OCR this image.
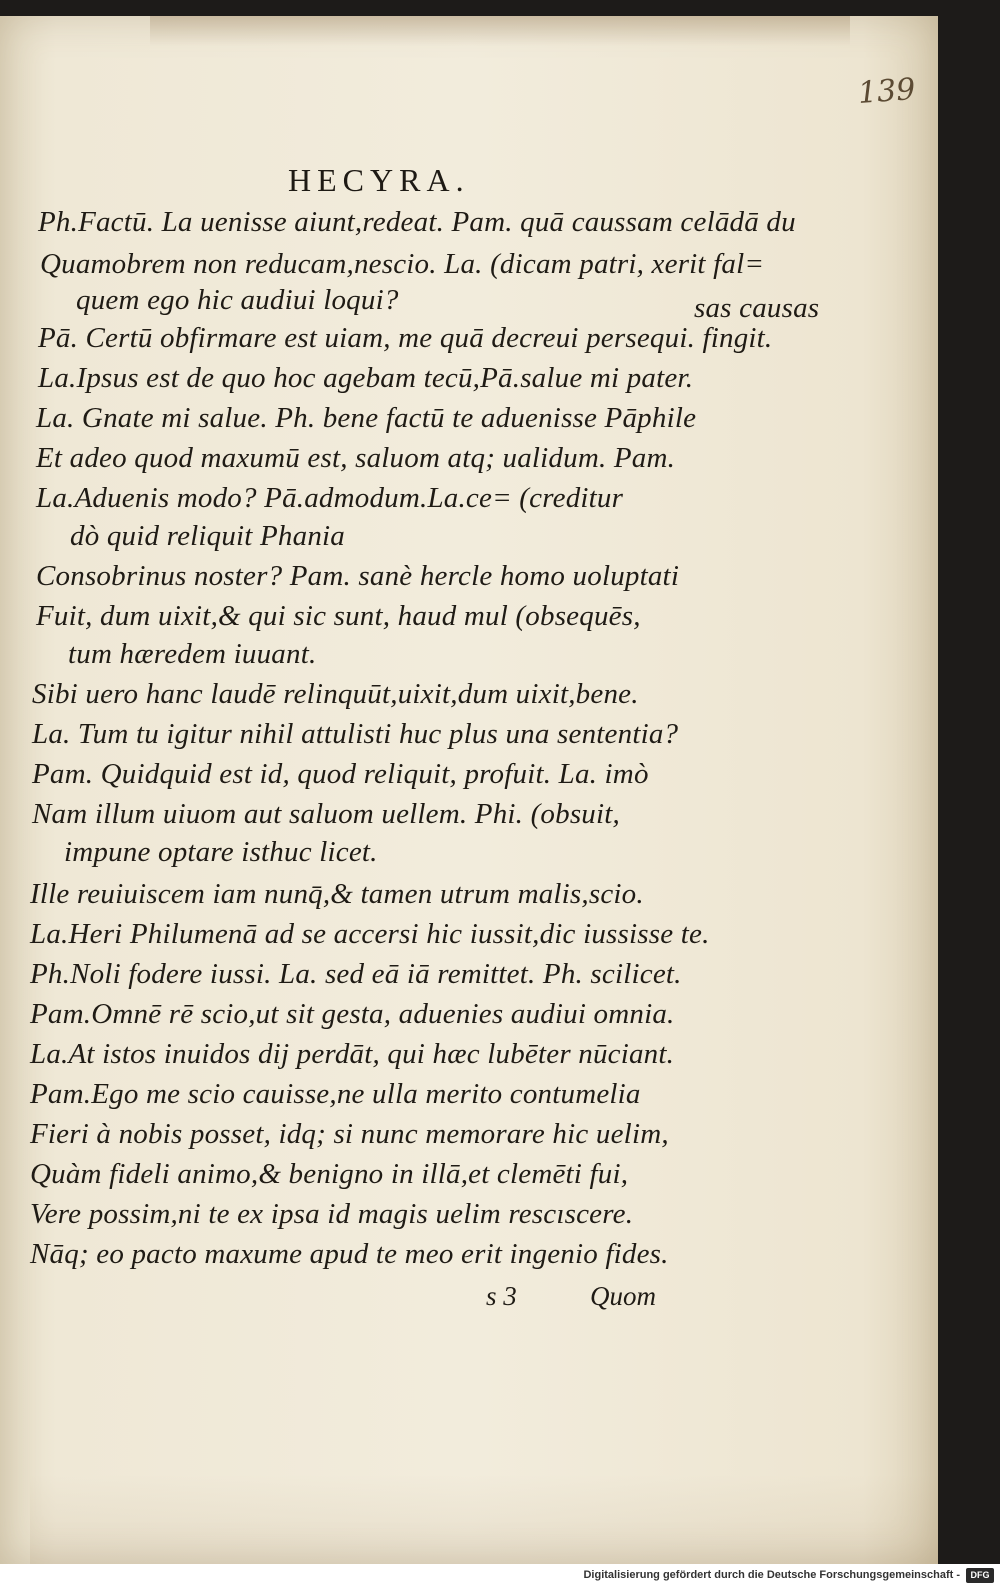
139
HECYRA.
Ph.Factū. La uenisse aiunt,redeat. Pam. quā caussam celādā du
Quamobrem non reducam,nescio. La. (dicam patri, xerit fal=
quem ego hic audiui loqui?	sas causas
Pā. Certū obfirmare est uiam, me quā decreui persequi. fingit.
La.Ipsus est de quo hoc agebam tecū,Pā.salue mi pater.
La. Gnate mi salue. Ph. bene factū te aduenisse Pāphile
Et adeo quod maxumū est, saluom atq; ualidum. Pam.
La.Aduenis modo? Pā.admodum.La.ce= (creditur
dò quid reliquit Phania
Consobrinus noster? Pam. sanè hercle homo uoluptati
Fuit, dum uixit,& qui sic sunt, haud mul (obsequēs,
tum hæredem iuuant.
Sibi uero hanc laudē relinquūt,uixit,dum uixit,bene.
La. Tum tu igitur nihil attulisti huc plus una sententia?
Pam. Quidquid est id, quod reliquit, profuit. La. imò
Nam illum uiuom aut saluom uellem. Phi. (obsuit,
impune optare isthuc licet.
Ille reuiuisceт iam nunq̄,& tamen utrum malis,scio.
La.Heri Philumenā ad se accersi hic iussit,dic iussisse te.
Ph.Noli fodere iussi. La. sed eā iā remittet. Ph. scilicet.
Pam.Omnē rē scio,ut sit gesta, aduenies audiui omnia.
La.At istos inuidos dij perdāt, qui hæc lubēter nūciant.
Pam.Ego me scio cauisse,ne ulla merito contumelia
Fieri à nobis posset, idq; si nunc memorare hic uelim,
Quàm fideli animo,& benigno in illā,et clemēti fui,
Vere possim,ni te ex ipsa id magis uelim rescıscere.
Nāq; eo pacto maxume apud te meo erit ingenio fides.
s 3	Quom
Digitalisierung gefördert durch die Deutsche Forschungsgemeinschaft -	DFG
